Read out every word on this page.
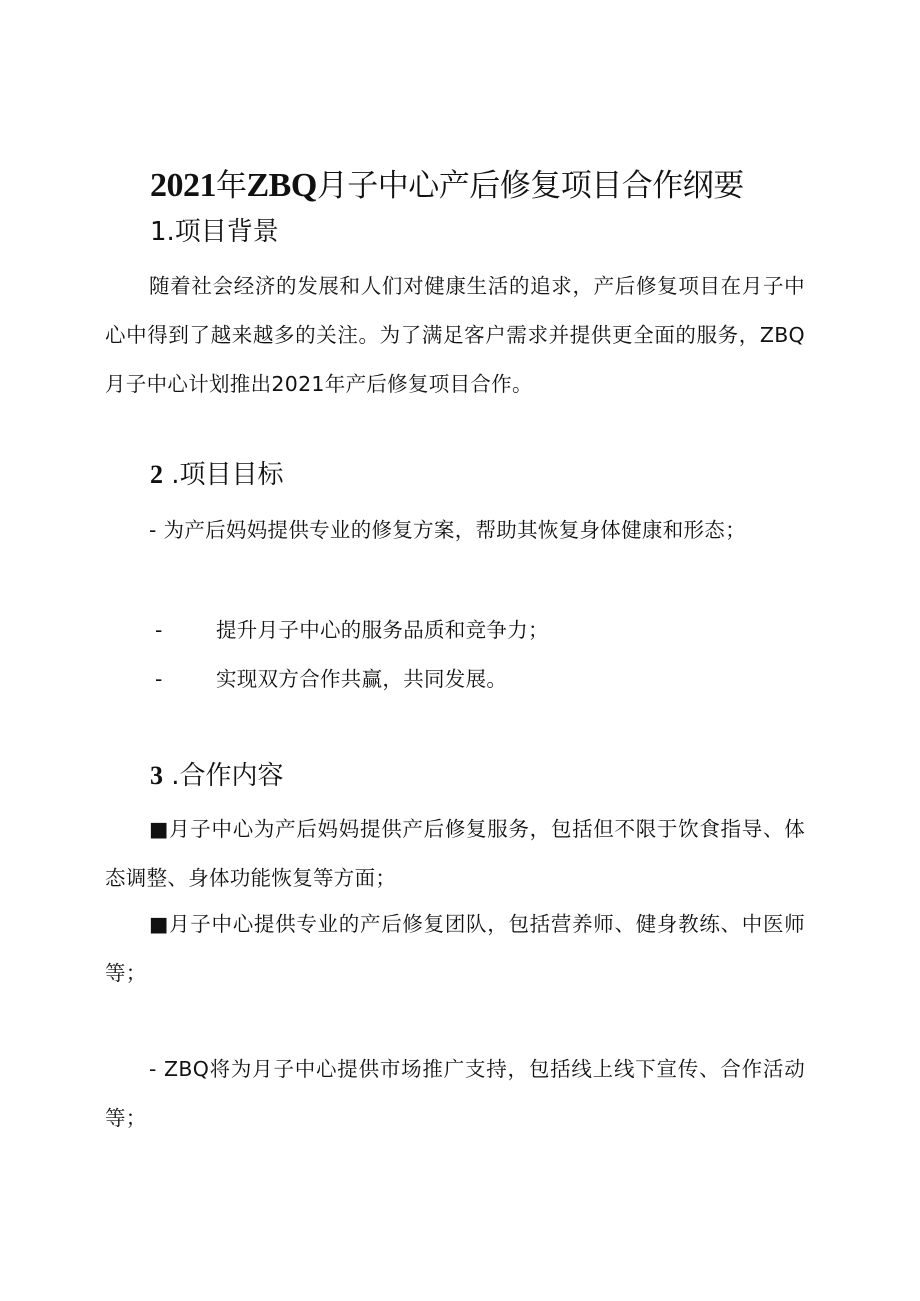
2021年ZBQ月子中心产后修复项目合作纲要
1.项目背景
随着社会经济的发展和人们对健康生活的追求，产后修复项目在月子中心中得到了越来越多的关注。为了满足客户需求并提供更全面的服务，ZBQ月子中心计划推出2021年产后修复项目合作。
2 .项目目标
- 为产后妈妈提供专业的修复方案，帮助其恢复身体健康和形态；
-	提升月子中心的服务品质和竞争力；
-	实现双方合作共赢，共同发展。
3 .合作内容
■月子中心为产后妈妈提供产后修复服务，包括但不限于饮食指导、体态调整、身体功能恢复等方面；
■月子中心提供专业的产后修复团队，包括营养师、健身教练、中医师等；
- ZBQ将为月子中心提供市场推广支持，包括线上线下宣传、合作活动等；
